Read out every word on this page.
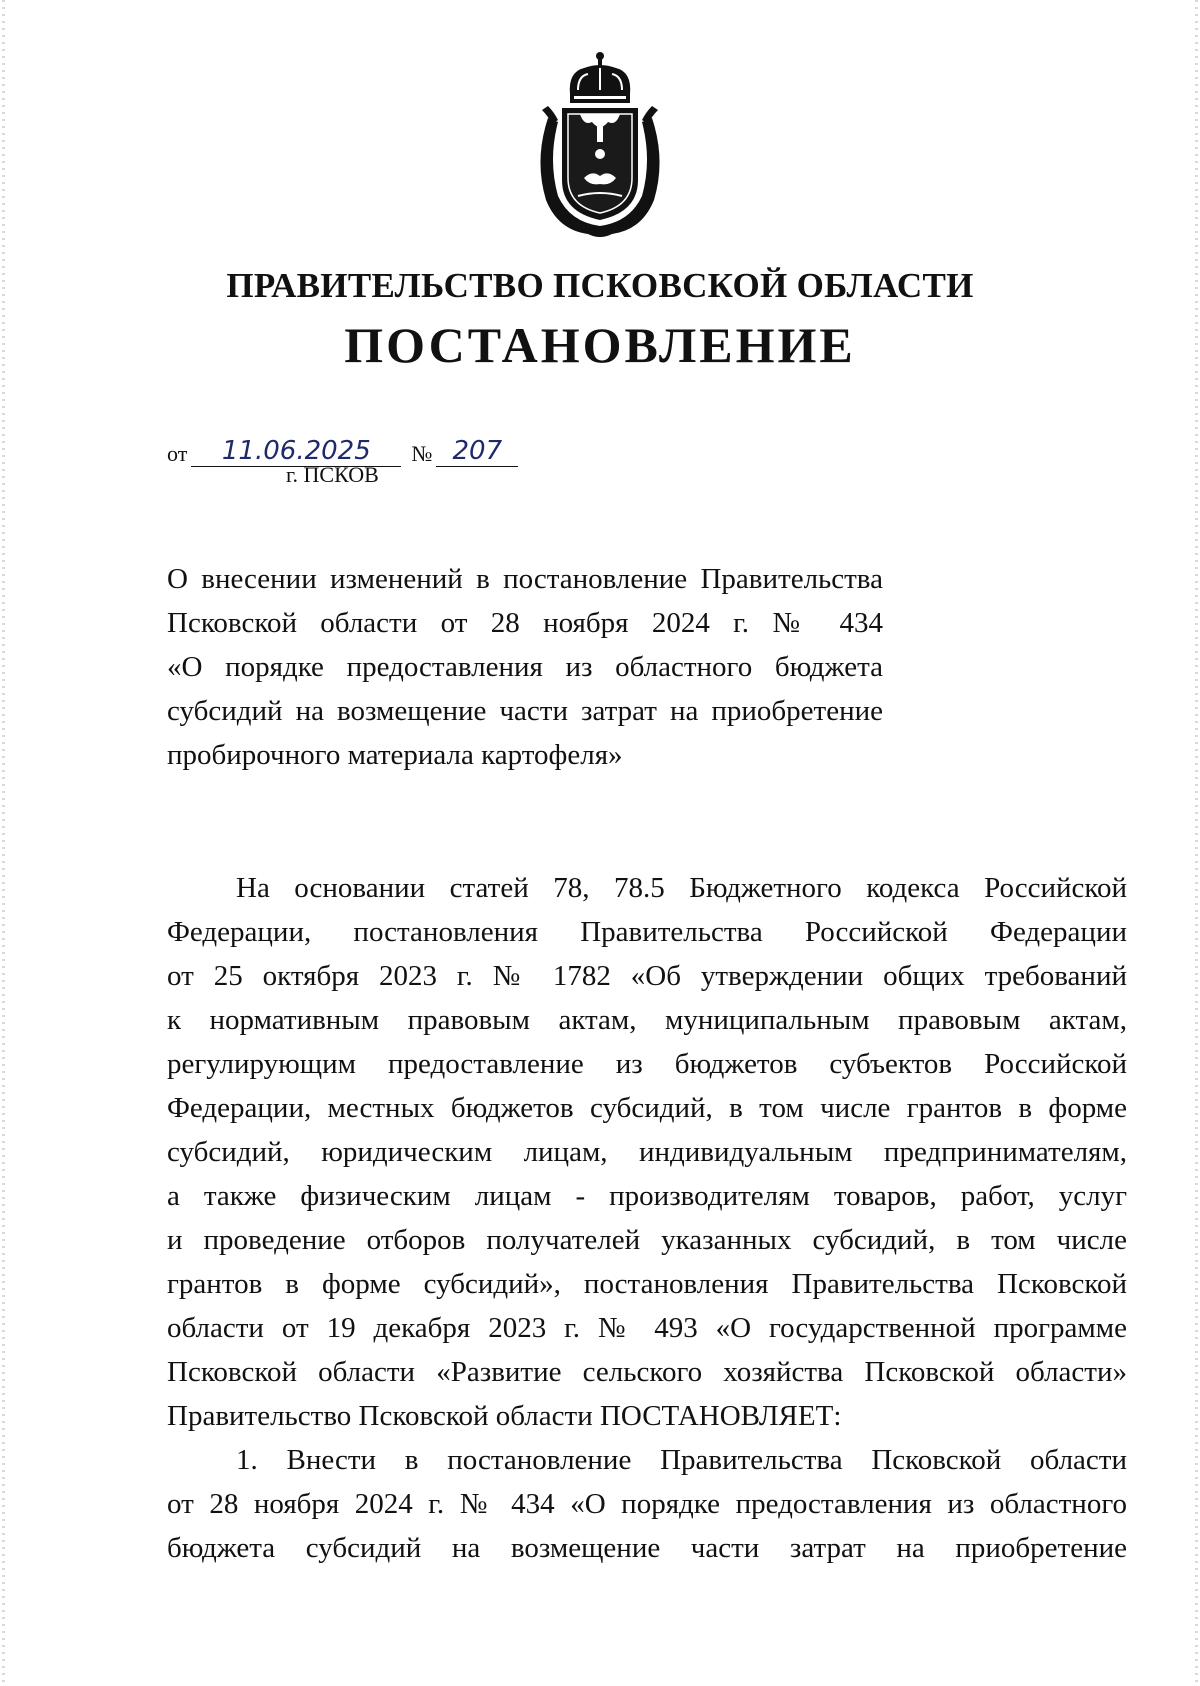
ПРАВИТЕЛЬСТВО ПСКОВСКОЙ ОБЛАСТИ
ПОСТАНОВЛЕНИЕ
от 11.06.2025 № 207
г. ПСКОВ
О внесении изменений в постановление Правительства
Псковской области от 28 ноября 2024 г. № 434
«О порядке предоставления из областного бюджета
субсидий на возмещение части затрат на приобретение
пробирочного материала картофеля»
На основании статей 78, 78.5 Бюджетного кодекса Российской
Федерации, постановления Правительства Российской Федерации
от 25 октября 2023 г. № 1782 «Об утверждении общих требований
к нормативным правовым актам, муниципальным правовым актам,
регулирующим предоставление из бюджетов субъектов Российской
Федерации, местных бюджетов субсидий, в том числе грантов в форме
субсидий, юридическим лицам, индивидуальным предпринимателям,
а также физическим лицам - производителям товаров, работ, услуг
и проведение отборов получателей указанных субсидий, в том числе
грантов в форме субсидий», постановления Правительства Псковской
области от 19 декабря 2023 г. № 493 «О государственной программе
Псковской области «Развитие сельского хозяйства Псковской области»
Правительство Псковской области ПОСТАНОВЛЯЕТ:
1. Внести в постановление Правительства Псковской области
от 28 ноября 2024 г. № 434 «О порядке предоставления из областного
бюджета субсидий на возмещение части затрат на приобретение
